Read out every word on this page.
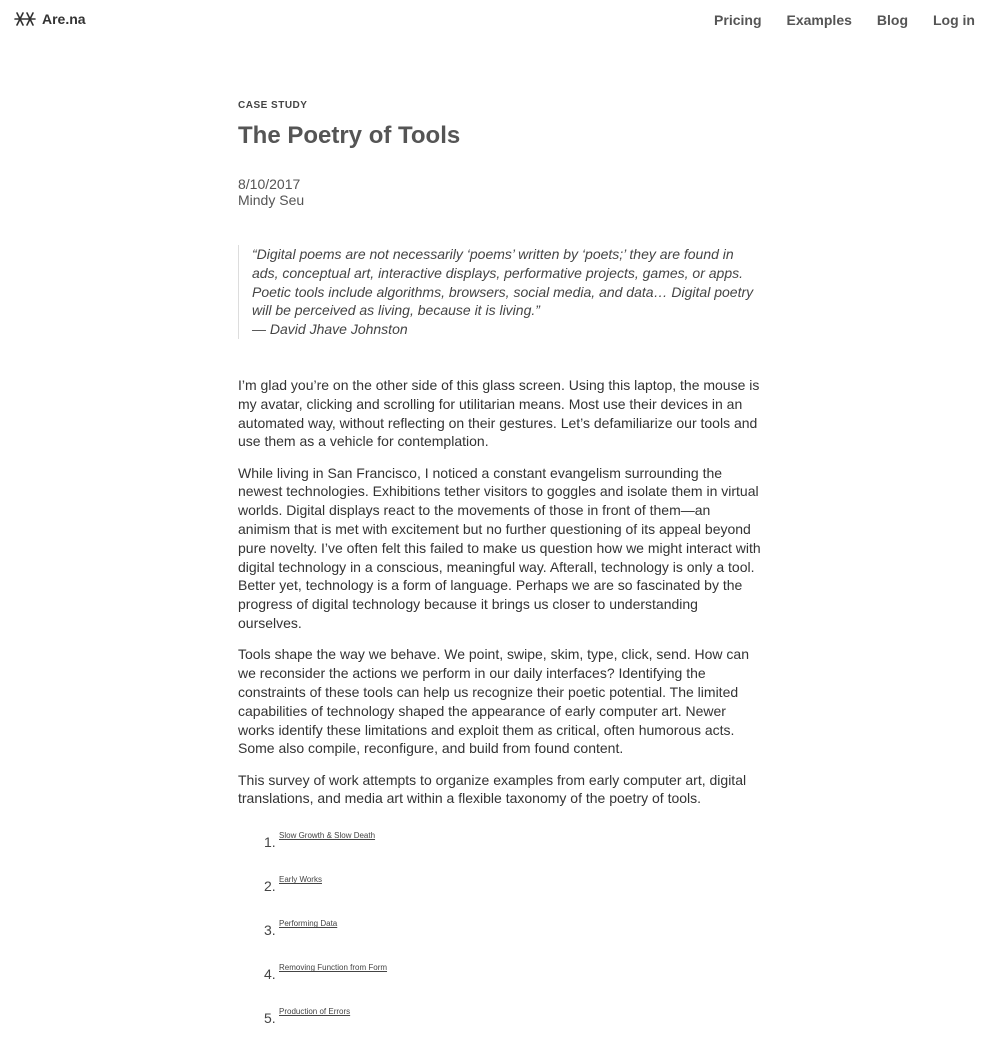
Are.na	Pricing Examples Blog Log in

CASE STUDY

The Poetry of Tools
8/10/2017
Mindy Seu

“Digital poems are not necessarily ‘poems’ written by ‘poets;’ they are found in ads, conceptual art, interactive displays, performative projects, games, or apps. Poetic tools include algorithms, browsers, social media, and data… Digital poetry will be perceived as living, because it is living.”

— David Jhave Johnston

I’m glad you’re on the other side of this glass screen. Using this laptop, the mouse is my avatar, clicking and scrolling for utilitarian means. Most use their devices in an automated way, without reflecting on their gestures. Let’s defamiliarize our tools and use them as a vehicle for contemplation.

While living in San Francisco, I noticed a constant evangelism surrounding the newest technologies. Exhibitions tether visitors to goggles and isolate them in virtual worlds. Digital displays react to the movements of those in front of them—an animism that is met with excitement but no further questioning of its appeal beyond pure novelty. I’ve often felt this failed to make us question how we might interact with digital technology in a conscious, meaningful way. Afterall, technology is only a tool. Better yet, technology is a form of language. Perhaps we are so fascinated by the progress of digital technology because it brings us closer to understanding ourselves.

Tools shape the way we behave. We point, swipe, skim, type, click, send. How can we reconsider the actions we perform in our daily interfaces? Identifying the constraints of these tools can help us recognize their poetic potential. The limited capabilities of technology shaped the appearance of early computer art. Newer works identify these limitations and exploit them as critical, often humorous acts. Some also compile, reconfigure, and build from found content.

This survey of work attempts to organize examples from early computer art, digital translations, and media art within a flexible taxonomy of the poetry of tools.

1. Slow Growth & Slow Death
2. Early Works
3. Performing Data
4. Removing Function from Form
5. Production of Errors
